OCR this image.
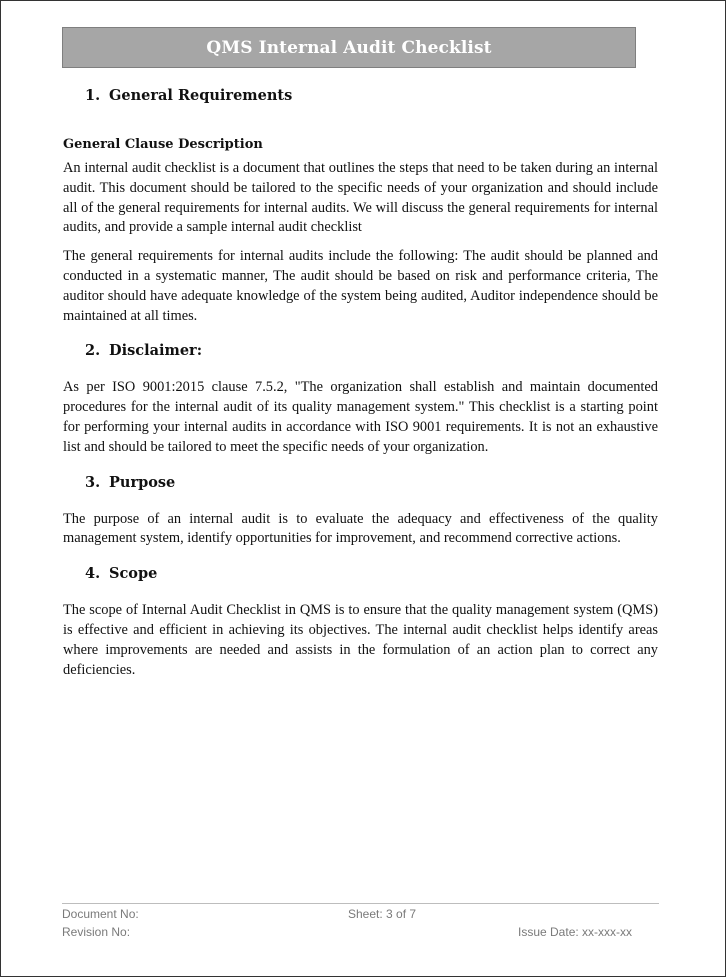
QMS Internal Audit Checklist
1. General Requirements
General Clause Description

An internal audit checklist is a document that outlines the steps that need to be taken during an internal audit. This document should be tailored to the specific needs of your organization and should include all of the general requirements for internal audits. We will discuss the general requirements for internal audits, and provide a sample internal audit checklist

The general requirements for internal audits include the following: The audit should be planned and conducted in a systematic manner, The audit should be based on risk and performance criteria, The auditor should have adequate knowledge of the system being audited, Auditor independence should be maintained at all times.

2. Disclaimer:

As per ISO 9001:2015 clause 7.5.2, "The organization shall establish and maintain documented procedures for the internal audit of its quality management system." This checklist is a starting point for performing your internal audits in accordance with ISO 9001 requirements. It is not an exhaustive list and should be tailored to meet the specific needs of your organization.

3. Purpose

The purpose of an internal audit is to evaluate the adequacy and effectiveness of the quality management system, identify opportunities for improvement, and recommend corrective actions.

4. Scope

The scope of Internal Audit Checklist in QMS is to ensure that the quality management system (QMS) is effective and efficient in achieving its objectives. The internal audit checklist helps identify areas where improvements are needed and assists in the formulation of an action plan to correct any deficiencies.

Document No:	Sheet: 3 of 7
Revision No:	Issue Date: xx-xxx-xx
